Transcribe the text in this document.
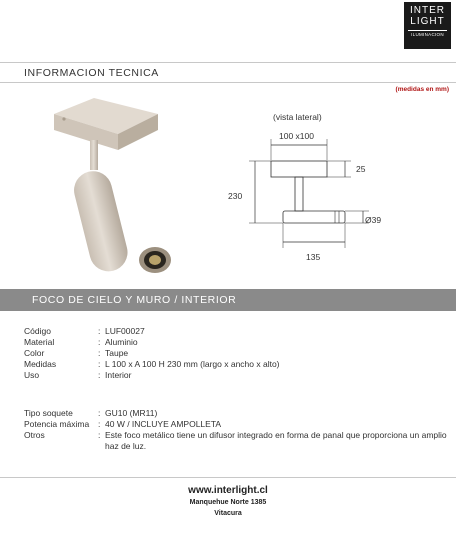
INTER
LIGHT
ILUMINACION
INFORMACION TECNICA
(medidas en mm)
(vista lateral)
100 x100
25
230
Ø39
135
FOCO DE CIELO Y MURO / INTERIOR
Código	: LUF00027
Material	: Aluminio
Color	: Taupe
Medidas	: L 100 x A 100 H 230 mm (largo x ancho x alto)
Uso	: Interior
Tipo soquete	: GU10 (MR11)
Potencia máxima	: 40 W / INCLUYE AMPOLLETA
Otros	: Este foco metálico tiene un difusor integrado en forma de panal que proporciona un amplio haz de luz.
www.interlight.cl
Manquehue Norte 1385
Vitacura
